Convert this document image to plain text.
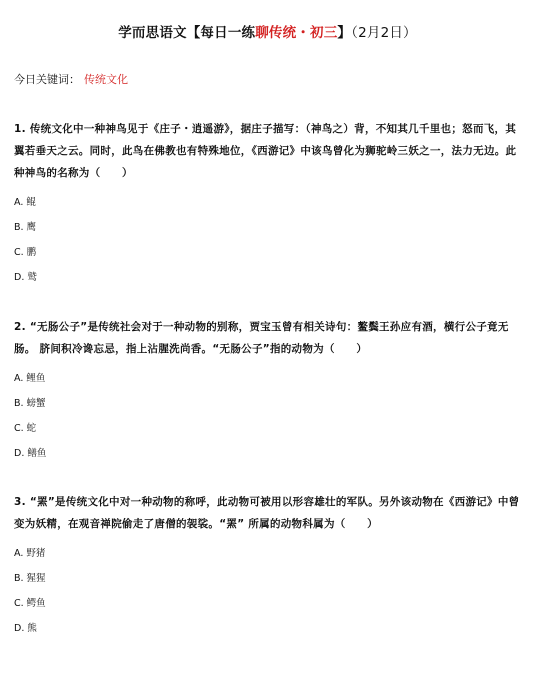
学而思语文【每日一练聊传统・初三】（2月2日）
今日关键词： 传统文化
1. 传统文化中一种神鸟见于《庄子・逍遥游》，据庄子描写：（神鸟之）背，不知其几千里也；怒而飞，其翼若垂天之云。同时，此鸟在佛教也有特殊地位，《西游记》中该鸟曾化为狮驼岭三妖之一，法力无边。此种神鸟的名称为（　　）
A. 鲲
B. 鹰
C. 鹏
D. 鹫
2. “无肠公子”是传统社会对于一种动物的别称，贾宝玉曾有相关诗句：鳌鬓王孙应有酒，横行公子竟无肠。 脐间积冷谗忘忌，指上沾腥洗尚香。“无肠公子”指的动物为（　　）
A. 鲤鱼
B. 螃蟹
C. 蛇
D. 鳝鱼
3. “罴”是传统文化中对一种动物的称呼，此动物可被用以形容雄壮的军队。另外该动物在《西游记》中曾变为妖精，在观音禅院偷走了唐僧的袈裟。“罴” 所属的动物科属为（　　）
A. 野猪
B. 猩猩
C. 鳄鱼
D. 熊
